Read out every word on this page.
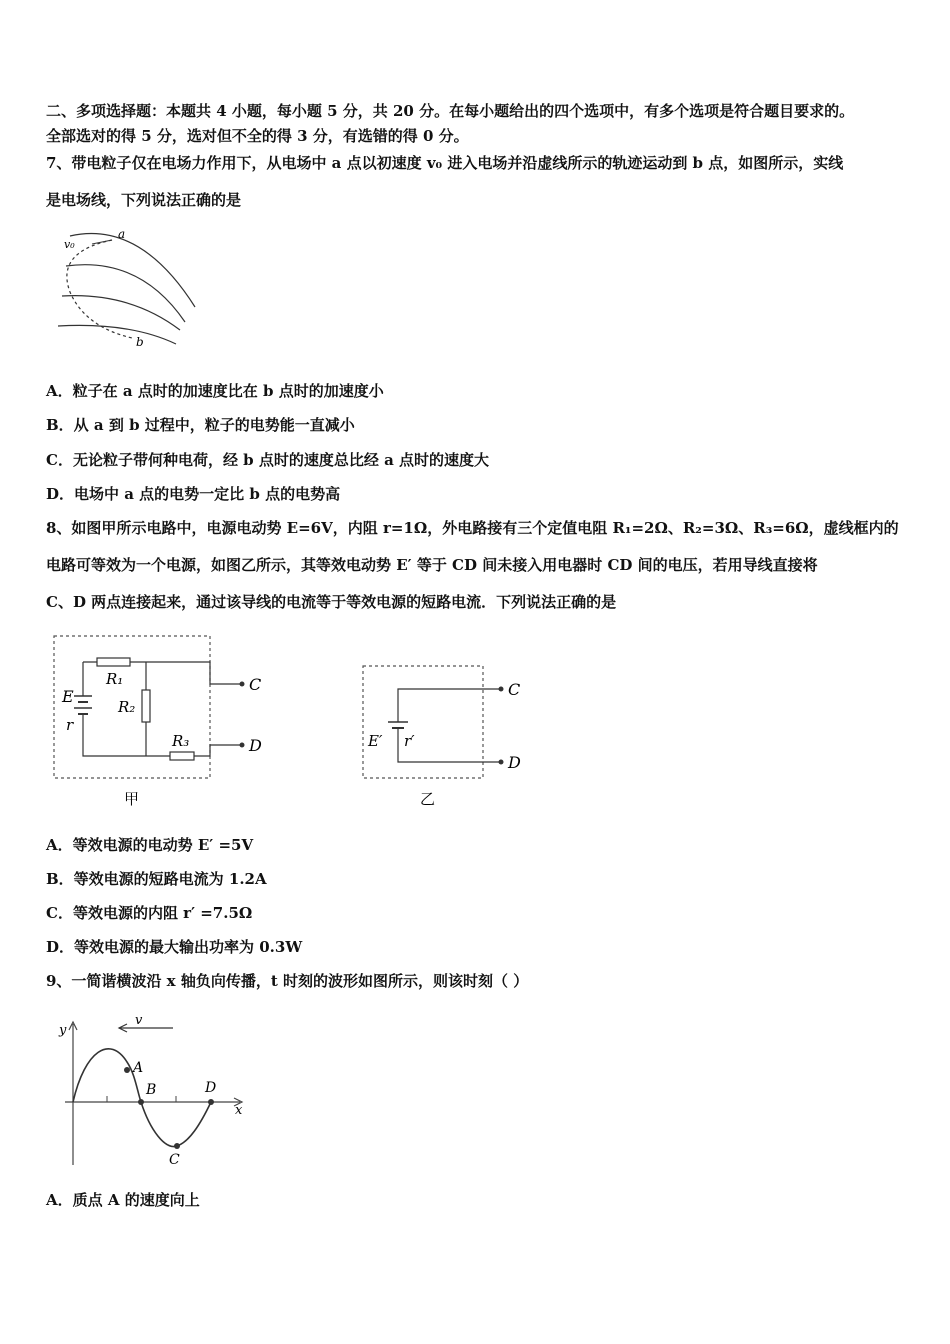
二、多项选择题：本题共 4 小题，每小题 5 分，共 20 分。在每小题给出的四个选项中，有多个选项是符合题目要求的。
全部选对的得 5 分，选对但不全的得 3 分，有选错的得 0 分。
7、带电粒子仅在电场力作用下，从电场中 a 点以初速度 v₀ 进入电场并沿虚线所示的轨迹运动到 b 点，如图所示，实线
是电场线，下列说法正确的是
v₀
a
b
A．粒子在 a 点时的加速度比在 b 点时的加速度小
B．从 a 到 b 过程中，粒子的电势能一直减小
C．无论粒子带何种电荷，经 b 点时的速度总比经 a 点时的速度大
D．电场中 a 点的电势一定比 b 点的电势高
8、如图甲所示电路中，电源电动势 E=6V，内阻 r=1Ω，外电路接有三个定值电阻 R₁=2Ω、R₂=3Ω、R₃=6Ω，虚线框内的
电路可等效为一个电源，如图乙所示，其等效电动势 E′ 等于 CD 间未接入用电器时 CD 间的电压，若用导线直接将
C、D 两点连接起来，通过该导线的电流等于等效电源的短路电流．下列说法正确的是
E
r
R₁
R₂
R₃
C
D
甲
E′ r′
C
D
乙
A．等效电源的电动势 E′ =5V
B．等效电源的短路电流为 1.2A
C．等效电源的内阻 r′ =7.5Ω
D．等效电源的最大输出功率为 0.3W
9、一简谐横波沿 x 轴负向传播，t 时刻的波形如图所示，则该时刻（ ）
y
x
v
A
B
C
D
A．质点 A 的速度向上
